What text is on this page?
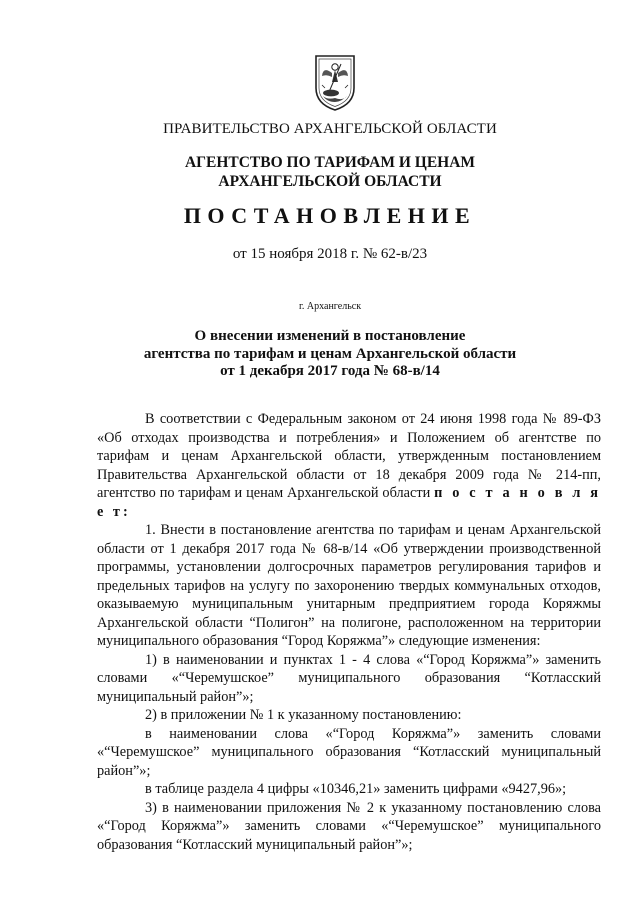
ПРАВИТЕЛЬСТВО АРХАНГЕЛЬСКОЙ ОБЛАСТИ
АГЕНТСТВО ПО ТАРИФАМ И ЦЕНАМ
АРХАНГЕЛЬСКОЙ ОБЛАСТИ
ПОСТАНОВЛЕНИЕ
от 15 ноября 2018 г. № 62-в/23
г. Архангельск
О внесении изменений в постановление
агентства по тарифам и ценам Архангельской области
от 1 декабря 2017 года № 68-в/14

В соответствии с Федеральным законом от 24 июня 1998 года № 89-ФЗ «Об отходах производства и потребления» и Положением об агентстве по тарифам и ценам Архангельской области, утвержденным постановлением Правительства Архангельской области от 18 декабря 2009 года № 214-пп, агентство по тарифам и ценам Архангельской области п о с т а н о в л я е т:

1. Внести в постановление агентства по тарифам и ценам Архангельской области от 1 декабря 2017 года № 68-в/14 «Об утверждении производственной программы, установлении долгосрочных параметров регулирования тарифов и предельных тарифов на услугу по захоронению твердых коммунальных отходов, оказываемую муниципальным унитарным предприятием города Коряжмы Архангельской области “Полигон” на полигоне, расположенном на территории муниципального образования “Город Коряжма”» следующие изменения:

1) в наименовании и пунктах 1 - 4 слова «“Город Коряжма”» заменить словами «“Черемушское” муниципального образования “Котласский муниципальный район”»;

2) в приложении № 1 к указанному постановлению:

в наименовании слова «“Город Коряжма”» заменить словами «“Черемушское” муниципального образования “Котласский муниципальный район”»;

в таблице раздела 4 цифры «10346,21» заменить цифрами «9427,96»;

3) в наименовании приложения № 2 к указанному постановлению слова «“Город Коряжма”» заменить словами «“Черемушское” муниципального образования “Котласский муниципальный район”»;
